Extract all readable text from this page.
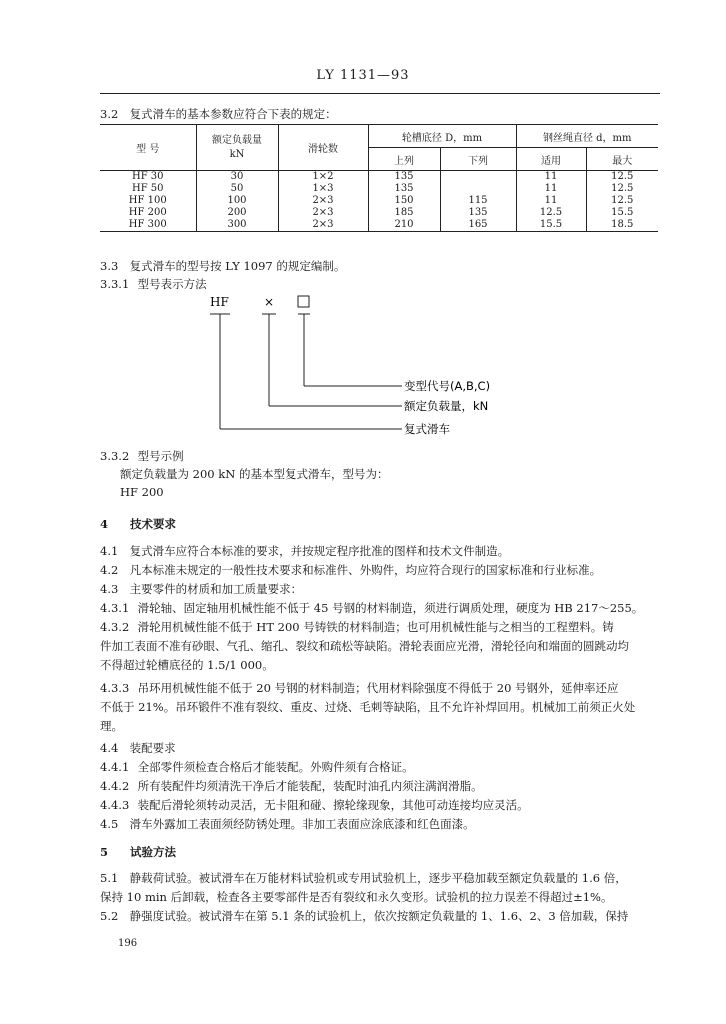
LY 1131—93
3.2 复式滑车的基本参数应符合下表的规定：
型 号	额定负载量
kN	滑轮数	轮槽底径 D，mm		钢丝绳直径 d，mm	
			上列	下列	适用	最大
HF 30	30	1×2	135		11	12.5
HF 50	50	1×3	135		11	12.5
HF 100	100	2×3	150	115	11	12.5
HF 200	200	2×3	185	135	12.5	15.5
HF 300	300	2×3	210	165	15.5	18.5
3.3 复式滑车的型号按 LY 1097 的规定编制。
3.3.1 型号表示方法
HF	×
变型代号(A,B,C)
额定负载量，kN
复式滑车
3.3.2 型号示例
额定负载量为 200 kN 的基本型复式滑车，型号为：
HF 200
4 技术要求
4.1 复式滑车应符合本标准的要求，并按规定程序批准的图样和技术文件制造。
4.2 凡本标准未规定的一般性技术要求和标准件、外购件，均应符合现行的国家标准和行业标准。
4.3 主要零件的材质和加工质量要求：
4.3.1 滑轮轴、固定轴用机械性能不低于 45 号钢的材料制造，须进行调质处理，硬度为 HB 217～255。
4.3.2 滑轮用机械性能不低于 HT 200 号铸铁的材料制造；也可用机械性能与之相当的工程塑料。铸
件加工表面不准有砂眼、气孔、缩孔、裂纹和疏松等缺陷。滑轮表面应光滑，滑轮径向和端面的圆跳动均
不得超过轮槽底径的 1.5/1 000。
4.3.3 吊环用机械性能不低于 20 号钢的材料制造；代用材料除强度不得低于 20 号钢外，延伸率还应
不低于 21%。吊环锻件不准有裂纹、重皮、过烧、毛刺等缺陷，且不允许补焊回用。机械加工前须正火处
理。
4.4 装配要求
4.4.1 全部零件须检查合格后才能装配。外购件须有合格证。
4.4.2 所有装配件均须清洗干净后才能装配，装配时油孔内须注满润滑脂。
4.4.3 装配后滑轮须转动灵活，无卡阻和碰、擦轮缘现象，其他可动连接均应灵活。
4.5 滑车外露加工表面须经防锈处理。非加工表面应涂底漆和红色面漆。
5 试验方法
5.1 静载荷试验。被试滑车在万能材料试验机或专用试验机上，逐步平稳加载至额定负载量的 1.6 倍，
保持 10 min 后卸载，检查各主要零部件是否有裂纹和永久变形。试验机的拉力误差不得超过±1%。
5.2 静强度试验。被试滑车在第 5.1 条的试验机上，依次按额定负载量的 1、1.6、2、3 倍加载，保持
196
